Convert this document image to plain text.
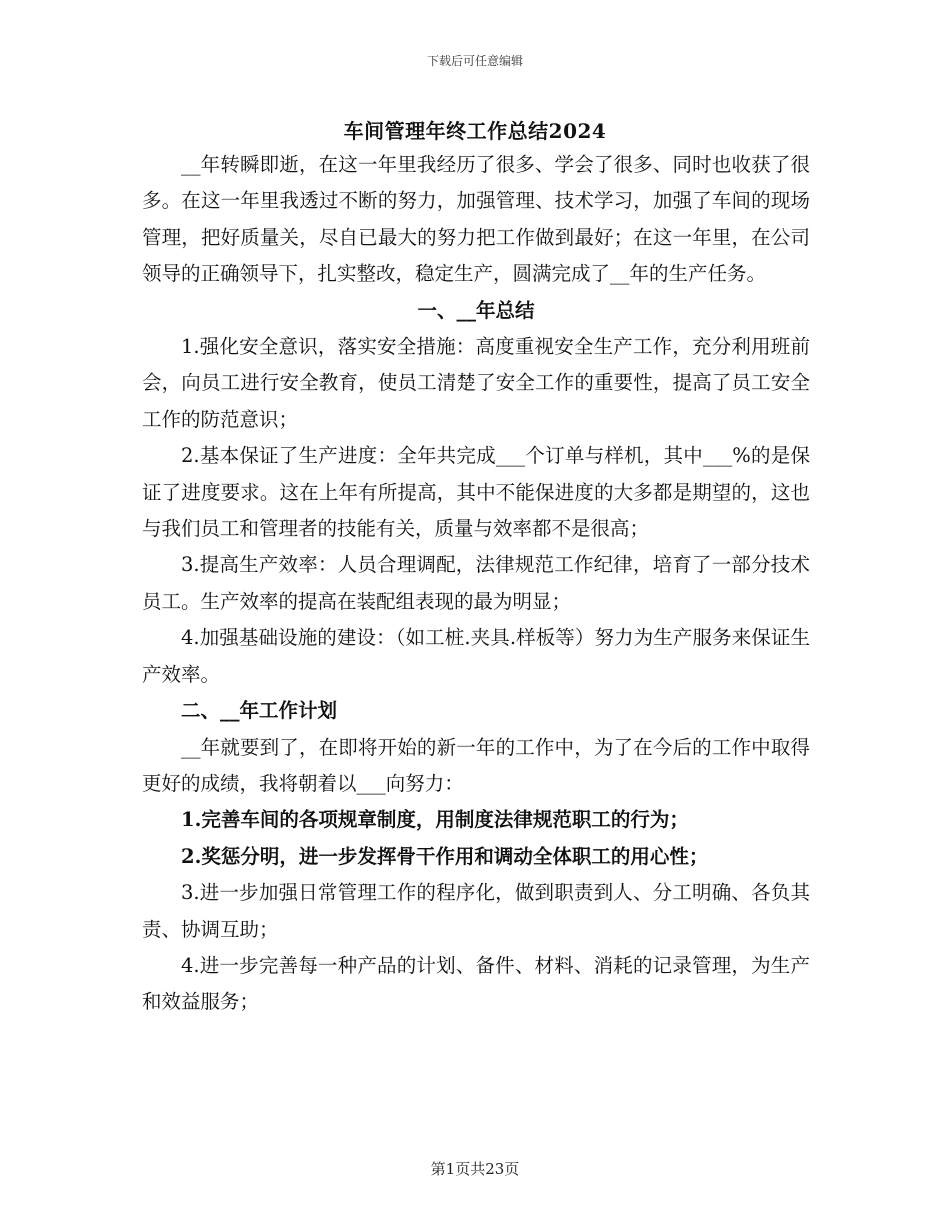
下载后可任意编辑
车间管理年终工作总结2024

__年转瞬即逝，在这一年里我经历了很多、学会了很多、同时也收获了很多。在这一年里我透过不断的努力，加强管理、技术学习，加强了车间的现场管理，把好质量关，尽自已最大的努力把工作做到最好；在这一年里，在公司领导的正确领导下，扎实整改，稳定生产，圆满完成了__年的生产任务。

一、__年总结

1.强化安全意识，落实安全措施：高度重视安全生产工作，充分利用班前会，向员工进行安全教育，使员工清楚了安全工作的重要性，提高了员工安全工作的防范意识；

2.基本保证了生产进度：全年共完成___个订单与样机，其中___%的是保证了进度要求。这在上年有所提高，其中不能保进度的大多都是期望的，这也与我们员工和管理者的技能有关，质量与效率都不是很高；

3.提高生产效率：人员合理调配，法律规范工作纪律，培育了一部分技术员工。生产效率的提高在装配组表现的最为明显；

4.加强基础设施的建设：（如工桩.夹具.样板等）努力为生产服务来保证生产效率。

二、__年工作计划

__年就要到了，在即将开始的新一年的工作中，为了在今后的工作中取得更好的成绩，我将朝着以___向努力：

1.完善车间的各项规章制度，用制度法律规范职工的行为；

2.奖惩分明，进一步发挥骨干作用和调动全体职工的用心性；

3.进一步加强日常管理工作的程序化，做到职责到人、分工明确、各负其责、协调互助；

4.进一步完善每一种产品的计划、备件、材料、消耗的记录管理，为生产和效益服务；

第1页共23页
